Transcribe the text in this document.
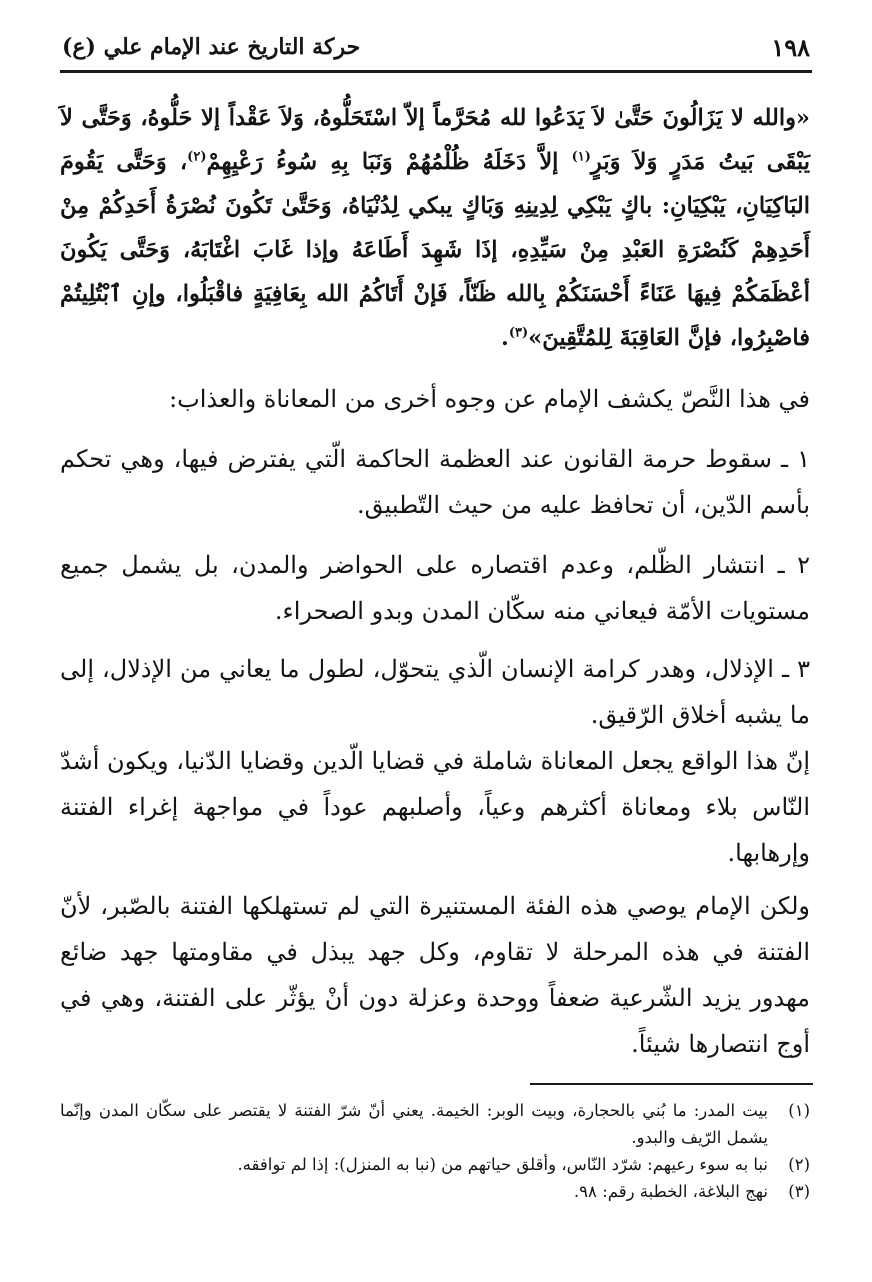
١٩٨
حركة التاريخ عند الإمام علي (ع)

«والله لا يَزَالُونَ حَتَّىٰ لاَ يَدَعُوا لله مُحَرَّماً إلاّ اسْتَحَلُّوهُ، وَلاَ عَقْداً إلا حَلُّوهُ، وَحَتَّى لاَ يَبْقَى بَيتُ مَدَرٍ وَلاَ وَبَرٍ$^{(١)}$ إلاَّ دَخَلَهُ ظُلْمُهُمْ وَنَبَا بِهِ سُوءُ رَعْيِهِمْ$^{(٢)}$، وَحَتَّى يَقُومَ البَاكِيَانِ، يَبْكِيَانِ: باكٍ يَبْكِي لِدِينِهِ وَبَاكٍ يبكي لِدُنْيَاهُ، وَحَتَّىٰ تَكُونَ نُصْرَةُ أَحَدِكُمْ مِنْ أَحَدِهِمْ كَنُصْرَةِ العَبْدِ مِنْ سَيِّدِهِ، إذَا شَهِدَ أَطَاعَهُ وإذا غَابَ اغْتَابَهُ، وَحَتَّى يَكُونَ أعْظَمَكُمْ فِيهَا عَنَاءً أَحْسَنَكُمْ بِالله ظَنّاً، فَإنْ أَتَاكُمُ الله بِعَافِيَةٍ فاقْبَلُوا، وإنِ ٱبْتُلِيتُمْ فاصْبِرُوا، فإنَّ العَاقِبَةَ لِلمُتَّقِينَ»$^{(٣)}$.

في هذا النَّصّ يكشف الإمام عن وجوه أخرى من المعاناة والعذاب:

١ ـ سقوط حرمة القانون عند العظمة الحاكمة الّتي يفترض فيها، وهي تحكم بأسم الدّين، أن تحافظ عليه من حيث التّطبيق.

٢ ـ انتشار الظّلم، وعدم اقتصاره على الحواضر والمدن، بل يشمل جميع مستويات الأمّة فيعاني منه سكّان المدن وبدو الصحراء.

٣ ـ الإذلال، وهدر كرامة الإنسان الّذي يتحوّل، لطول ما يعاني من الإذلال، إلى ما يشبه أخلاق الرّقيق.

إنّ هذا الواقع يجعل المعاناة شاملة في قضايا الّدين وقضايا الدّنيا، ويكون أشدّ النّاس بلاء ومعاناة أكثرهم وعياً، وأصلبهم عوداً في مواجهة إغراء الفتنة وإرهابها.

ولكن الإمام يوصي هذه الفئة المستنيرة التي لم تستهلكها الفتنة بالصّبر، لأنّ الفتنة في هذه المرحلة لا تقاوم، وكل جهد يبذل في مقاومتها جهد ضائع مهدور يزيد الشّرعية ضعفاً ووحدة وعزلة دون أنْ يؤثّر على الفتنة، وهي في أوج انتصارها شيئاً.

(١)
بيت المدر: ما بُني بالحجارة، وبيت الوبر: الخيمة. يعني أنّ شرّ الفتنة لا يقتصر على سكّان المدن وإنّما يشمل الرّيف والبدو.
(٢)
نبا به سوء رعيهم: شرّد النّاس، وأقلق حياتهم من (نبا به المنزل): إذا لم توافقه.
(٣)
نهج البلاغة، الخطبة رقم: ٩٨.
